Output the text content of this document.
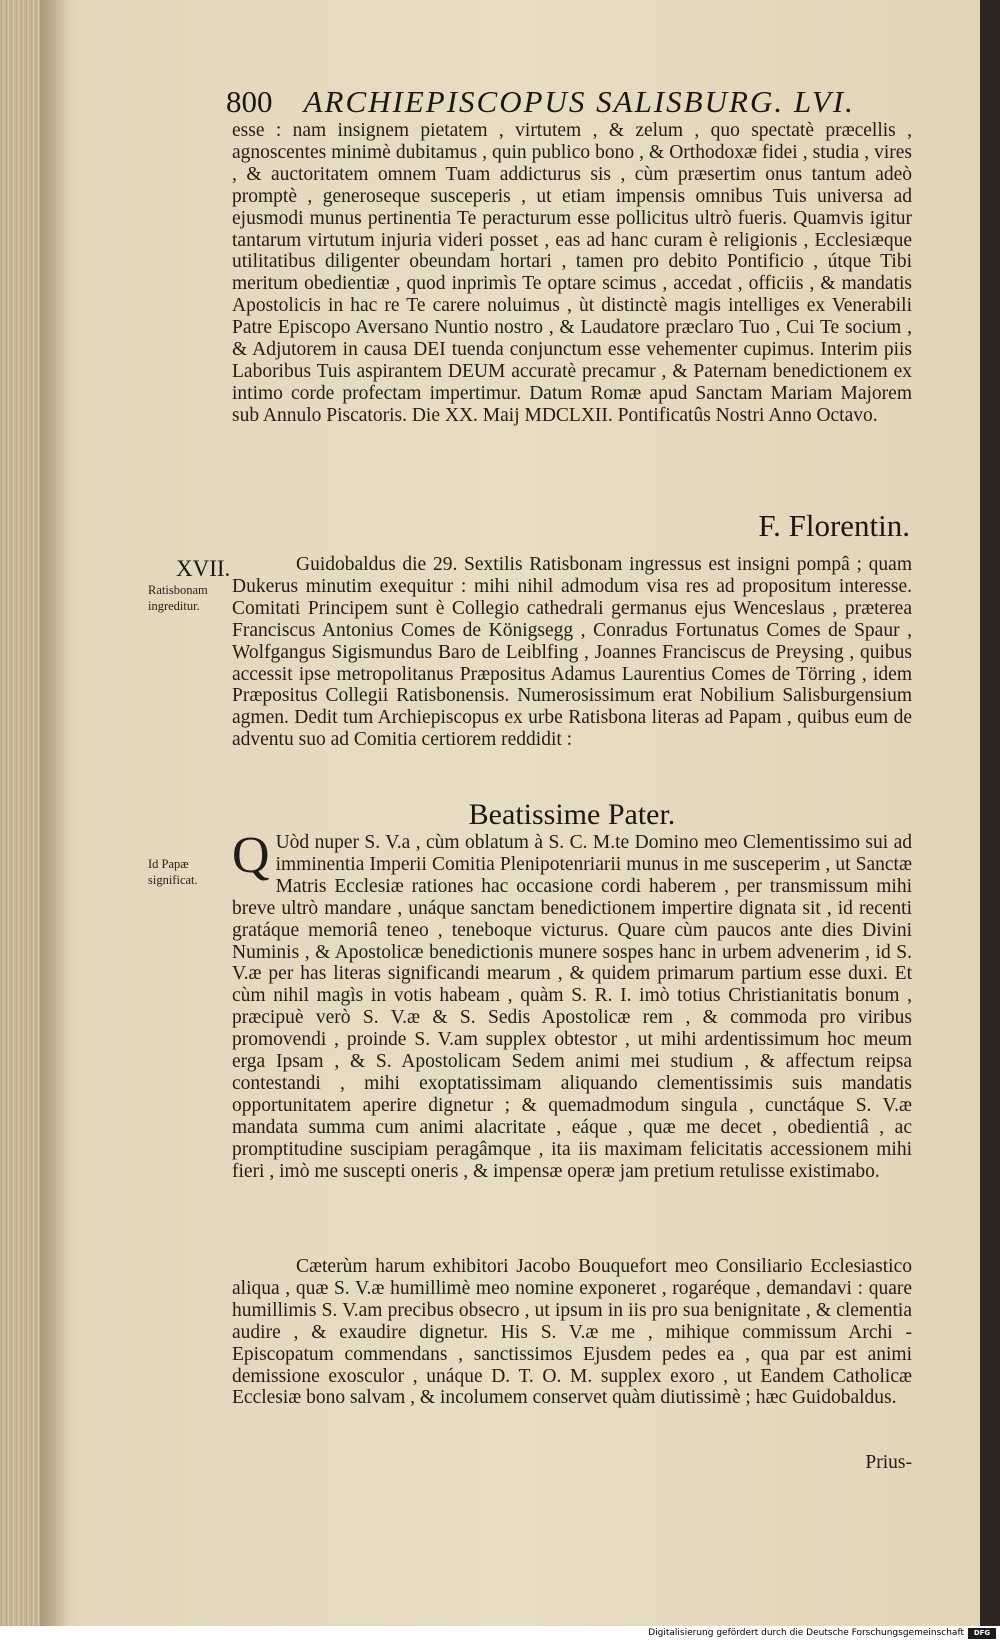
800 ARCHIEPISCOPUS SALISBURG. LVI.
esse : nam insignem pietatem , virtutem , & zelum , quo spectatè præcellis , agnoscentes minimè dubitamus , quin publico bono , & Orthodoxæ fidei , studia , vires , & auctoritatem omnem Tuam addicturus sis , cùm præsertim onus tantum adeò promptè , generoseque susceperis , ut etiam impensis omnibus Tuis universa ad ejusmodi munus pertinentia Te peracturum esse pollicitus ultrò fueris. Quamvis igitur tantarum virtutum injuria videri posset , eas ad hanc curam è religionis , Ecclesiæque utilitatibus diligenter obeundam hortari , tamen pro debito Pontificio , útque Tibi meritum obedientiæ , quod inprimìs Te optare scimus , accedat , officiis , & mandatis Apostolicis in hac re Te carere noluimus , ùt distinctè magis intelliges ex Venerabili Patre Episcopo Aversano Nuntio nostro , & Laudatore præclaro Tuo , Cui Te socium , & Adjutorem in causa DEI tuenda conjunctum esse vehementer cupimus. Interim piis Laboribus Tuis aspirantem DEUM accuratè precamur , & Paternam benedictionem ex intimo corde profectam impertimur. Datum Romæ apud Sanctam Mariam Majorem sub Annulo Piscatoris. Die XX. Maij MDCLXII. Pontificatûs Nostri Anno Octavo.
F. Florentin.
XVII.
Ratisbonam ingreditur.
Guidobaldus die 29. Sextilis Ratisbonam ingressus est insigni pompâ ; quam Dukerus minutim exequitur : mihi nihil admodum visa res ad propositum interesse. Comitati Principem sunt è Collegio cathedrali germanus ejus Wenceslaus , præterea Franciscus Antonius Comes de Königsegg , Conradus Fortunatus Comes de Spaur , Wolfgangus Sigismundus Baro de Leiblfing , Joannes Franciscus de Preysing , quibus accessit ipse metropolitanus Præpositus Adamus Laurentius Comes de Törring , idem Præpositus Collegii Ratisbonensis. Numerosissimum erat Nobilium Salisburgensium agmen. Dedit tum Archiepiscopus ex urbe Ratisbona literas ad Papam , quibus eum de adventu suo ad Comitia certiorem reddidit :
Beatissime Pater.
Id Papæ significat. Q Uòd nuper S. V.a , cùm oblatum à S. C. M.te Domino meo Clementissimo sui ad imminentia Imperii Comitia Plenipotenriarii munus in me susceperim , ut Sanctæ Matris Ecclesiæ rationes hac occasione cordi haberem , per transmissum mihi breve ultrò mandare , unáque sanctam benedictionem impertire dignata sit , id recenti gratáque memoriâ teneo , teneboque victurus. Quare cùm paucos ante dies Divini Numinis , & Apostolicæ benedictionis munere sospes hanc in urbem advenerim , id S. V.æ per has literas significandi mearum , & quidem primarum partium esse duxi. Et cùm nihil magìs in votis habeam , quàm S. R. I. imò totius Christianitatis bonum , præcipuè verò S. V.æ & S. Sedis Apostolicæ rem , & commoda pro viribus promovendi , proinde S. V.am supplex obtestor , ut mihi ardentissimum hoc meum erga Ipsam , & S. Apostolicam Sedem animi mei studium , & affectum reipsa contestandi , mihi exoptatissimam aliquando clementissimis suis mandatis opportunitatem aperire dignetur ; & quemadmodum singula , cunctáque S. V.æ mandata summa cum animi alacritate , eáque , quæ me decet , obedientiâ , ac promptitudine suscipiam peragâmque , ita iis maximam felicitatis accessionem mihi fieri , imò me suscepti oneris , & impensæ operæ jam pretium retulisse existimabo.
Cæterùm harum exhibitori Jacobo Bouquefort meo Consiliario Ecclesiastico aliqua , quæ S. V.æ humillimè meo nomine exponeret , rogaréque , demandavi : quare humillimis S. V.am precibus obsecro , ut ipsum in iis pro sua benignitate , & clementia audire , & exaudire dignetur. His S. V.æ me , mihique commissum Archi - Episcopatum commendans , sanctissimos Ejusdem pedes ea , qua par est animi demissione exosculor , unáque D. T. O. M. supplex exoro , ut Eandem Catholicæ Ecclesiæ bono salvam , & incolumem conservet quàm diutissimè ; hæc Guidobaldus.
Prius-
Digitalisierung gefördert durch die Deutsche Forschungsgemeinschaft	DFG
